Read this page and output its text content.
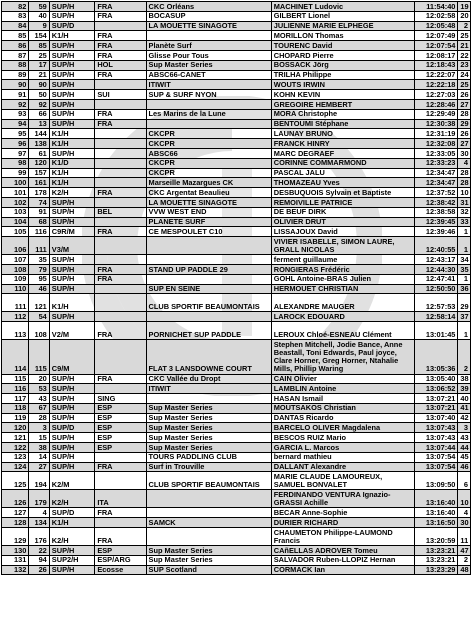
82	59	SUP/H	FRA	CKC Orléans	MACHINET Ludovic	11:54:40	19
83	40	SUP/H	FRA	BOCASUP	GILBERT Lionel	12:02:58	20
84	9	SUP/D		LA MOUETTE SINAGOTE	JULIENNE MARIE ELPHEGE	12:05:48	2
85	154	K1/H	FRA		MORILLON Thomas	12:07:49	25
86	85	SUP/H	FRA	Planète Surf	TOURENC David	12:07:54	21
87	25	SUP/H	FRA	Glisse Pour Tous	CHOPARD Pierre	12:08:17	22
88	17	SUP/H	HOL	Sup Master Series	BOSSACK Jörg	12:18:43	23
89	21	SUP/H	FRA	ABSC66-CANET	TRILHA Philippe	12:22:07	24
90	90	SUP/H		ITIWIT	WOUTS IRWIN	12:22:18	25
91	50	SUP/H	SUI	SUP & SURF NYON	KOHN KEVIN	12:27:03	26
92	92	SUP/H			GREGOIRE HEMBERT	12:28:46	27
93	66	SUP/H	FRA	Les Marins de la Lune	MORA Christophe	12:29:49	28
94	13	SUP/H	FRA		BENTOUMI Stéphane	12:30:38	29
95	144	K1/H		CKCPR	LAUNAY BRUNO	12:31:19	26
96	138	K1/H		CKCPR	FRANCK HINRY	12:32:08	27
97	61	SUP/H		ABSC66	MARC DEGRAEF	12:33:05	30
98	120	K1/D		CKCPR	CORINNE COMMARMOND	12:33:23	4
99	157	K1/H		CKCPR	PASCAL JALU	12:34:47	28
100	161	K1/H		Marseille Mazargues CK	THOMAZEAU Yves	12:34:47	28
101	178	K2/H	FRA	CKC Argentat Beaulieu	DESBUQUOIS Sylvain et Baptiste	12:37:52	10
102	74	SUP/H		LA MOUETTE SINAGOTE	REMOIVILLE PATRICE	12:38:42	31
103	91	SUP/H	BEL	VVW WEST END	DE BEUF DIRK	12:38:58	32
104	68	SUP/H		PLANETE SURF	OLIVIER DRUT	12:39:45	33
105	116	C9R/M	FRA	CE MESPOULET C10	LISSAJOUX David	12:39:46	1
106	111	V3/M			VIVIER ISABELLE, SIMON LAURE, GRALL NICOLAS	12:40:55	1
107	35	SUP/H			ferment guillaume	12:43:17	34
108	79	SUP/H	FRA	STAND UP PADDLE 29	RONGIERAS Frédéric	12:44:30	35
109	95	SUP/H	FRA		GOHL Antoine-BRAS Julien	12:47:41	1
110	46	SUP/H		SUP EN SEINE	HERMOUET CHRISTIAN	12:50:50	36
111	121	K1/H		CLUB SPORTIF BEAUMONTAIS	ALEXANDRE MAUGER	12:57:53	29
112	54	SUP/H			LAROCK EDOUARD	12:58:14	37
113	108	V2/M	FRA	PORNICHET SUP PADDLE	LEROUX Chloé-ESNEAU Clément	13:01:45	1
114	115	C9/M		FLAT 3 LANSDOWNE COURT	Stephen Mitchell, Jodie Bance, Anne Beastall, Toni Edwards, Paul joyce, Clare Horner, Greg Horner, Ntahalie Mills, Phillip Waring	13:05:36	2
115	20	SUP/H	FRA	CKC Vallée du Dropt	CAIN Olivier	13:05:40	38
116	53	SUP/H		ITIWIT	LAMBLIN Antoine	13:06:52	39
117	43	SUP/H	SING		HASAN Ismail	13:07:21	40
118	67	SUP/H	ESP	Sup Master Series	MOUTSAKOS Christian	13:07:21	41
119	28	SUP/H	ESP	Sup Master Series	DANTAS Ricardo	13:07:40	42
120	3	SUP/D	ESP	Sup Master Series	BARCELO OLIVER Magdalena	13:07:43	3
121	15	SUP/H	ESP	Sup Master Series	BESCOS RUIZ Mario	13:07:43	43
122	38	SUP/H	ESP	Sup Master Series	GARCIA L. Marcos	13:07:44	44
123	14	SUP/H		TOURS PADDLING CLUB	bernard mathieu	13:07:54	45
124	27	SUP/H	FRA	Surf in Trouville	DALLANT Alexandre	13:07:54	46
125	194	K2/M		CLUB SPORTIF BEAUMONTAIS	MARIE CLAUDE LAMOUREUX, SAMUEL BONVALET	13:09:50	6
126	179	K2/H	ITA		FERDINANDO VENTURA Ignazio-GRASSI Achille	13:16:40	10
127	4	SUP/D	FRA		BECAR Anne-Sophie	13:16:40	4
128	134	K1/H		SAMCK	DURIER RICHARD	13:16:50	30
129	176	K2/H	FRA		CHAUMETON Philippe-LAUMOND Francis	13:20:59	11
130	22	SUP/H	ESP	Sup Master Series	CAñELLAS ADROVER Tomeu	13:23:21	47
131	94	SUP2/H	ESP/ARG	Sup Master Series	SALVADOR Ruben-LLOPIZ Hernan	13:23:21	2
132	26	SUP/H	Ecosse	SUP Scotland	CORMACK Ian	13:23:29	48
